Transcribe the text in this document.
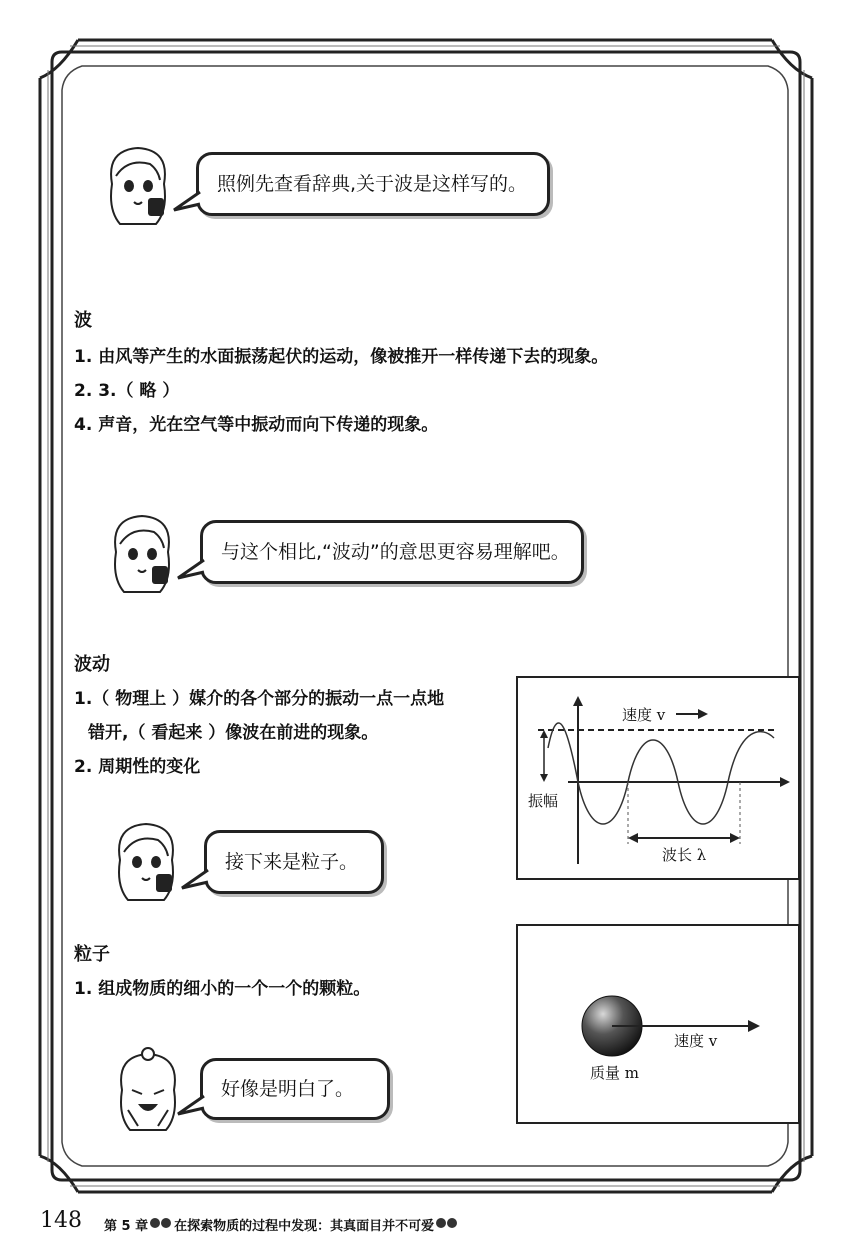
照例先查看辞典,关于波是这样写的。
波
1. 由风等产生的水面振荡起伏的运动，像被推开一样传递下去的现象。
2. 3.（ 略 ）
4. 声音，光在空气等中振动而向下传递的现象。
与这个相比,“波动”的意思更容易理解吧。
波动
1.（ 物理上 ）媒介的各个部分的振动一点一点地
错开,（ 看起来 ）像波在前进的现象。
2. 周期性的变化
速度 v
振幅
波长 λ
接下来是粒子。
粒子
1. 组成物质的细小的一个一个的颗粒。
速度 v
质量 m
好像是明白了。
148 第 5 章 在探索物质的过程中发现：其真面目并不可爱
